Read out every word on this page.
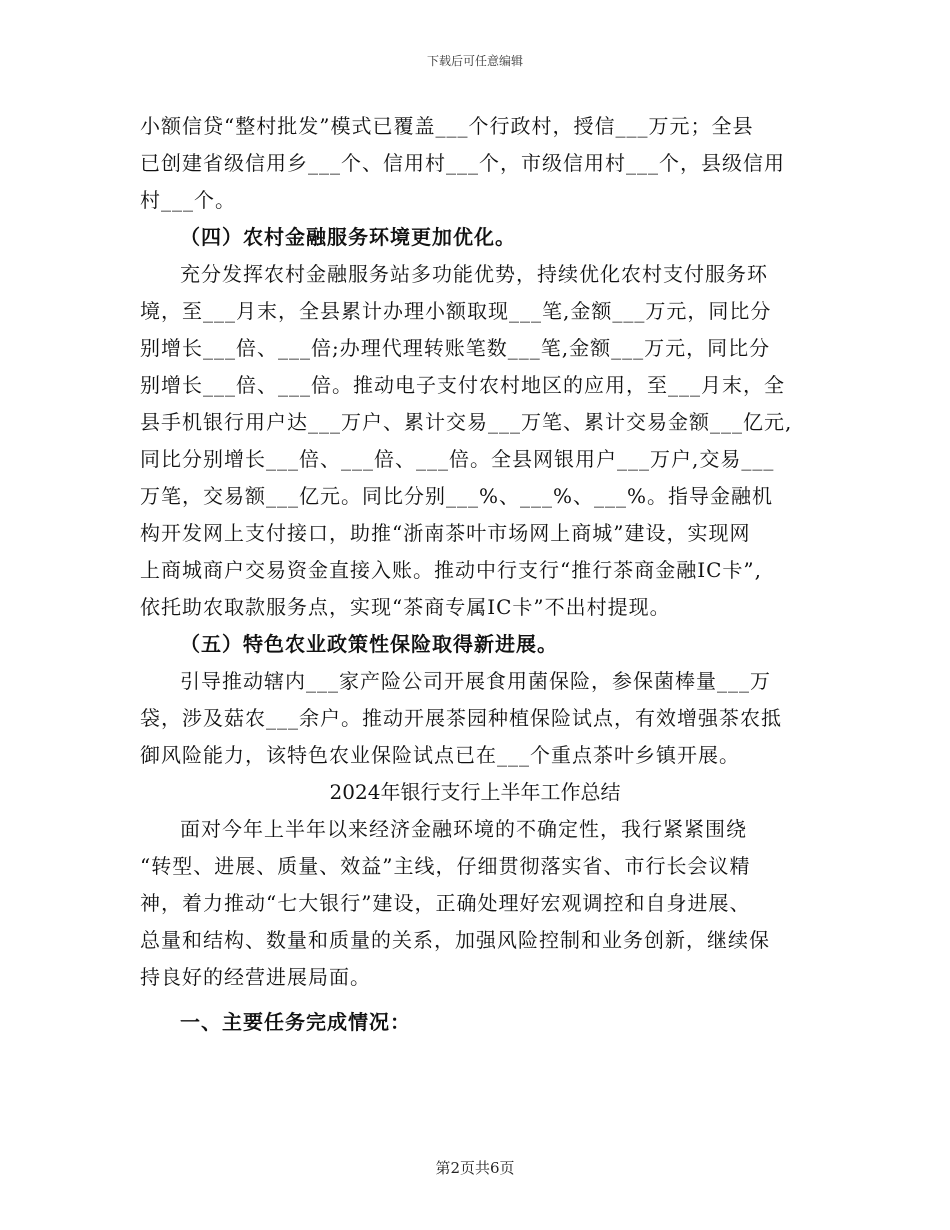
下载后可任意编辑
小额信贷“整村批发”模式已覆盖___个行政村，授信___万元；全县
已创建省级信用乡___个、信用村___个，市级信用村___个，县级信用
村___个。
（四）农村金融服务环境更加优化。
充分发挥农村金融服务站多功能优势，持续优化农村支付服务环
境，至___月末，全县累计办理小额取现___笔,金额___万元，同比分
别增长___倍、___倍;办理代理转账笔数___笔,金额___万元，同比分
别增长___倍、___倍。推动电子支付农村地区的应用，至___月末，全
县手机银行用户达___万户、累计交易___万笔、累计交易金额___亿元,
同比分别增长___倍、___倍、___倍。全县网银用户___万户,交易___
万笔，交易额___亿元。同比分别___%、___%、___%。指导金融机
构开发网上支付接口，助推“浙南茶叶市场网上商城”建设，实现网
上商城商户交易资金直接入账。推动中行支行“推行茶商金融IC卡”,
依托助农取款服务点，实现“茶商专属IC卡”不出村提现。
（五）特色农业政策性保险取得新进展。
引导推动辖内___家产险公司开展食用菌保险，参保菌棒量___万
袋，涉及菇农___余户。推动开展茶园种植保险试点，有效增强茶农抵
御风险能力，该特色农业保险试点已在___个重点茶叶乡镇开展。
2024年银行支行上半年工作总结
面对今年上半年以来经济金融环境的不确定性，我行紧紧围绕
“转型、进展、质量、效益”主线，仔细贯彻落实省、市行长会议精
神，着力推动“七大银行”建设，正确处理好宏观调控和自身进展、
总量和结构、数量和质量的关系，加强风险控制和业务创新，继续保
持良好的经营进展局面。
一、主要任务完成情况：
第2页共6页
